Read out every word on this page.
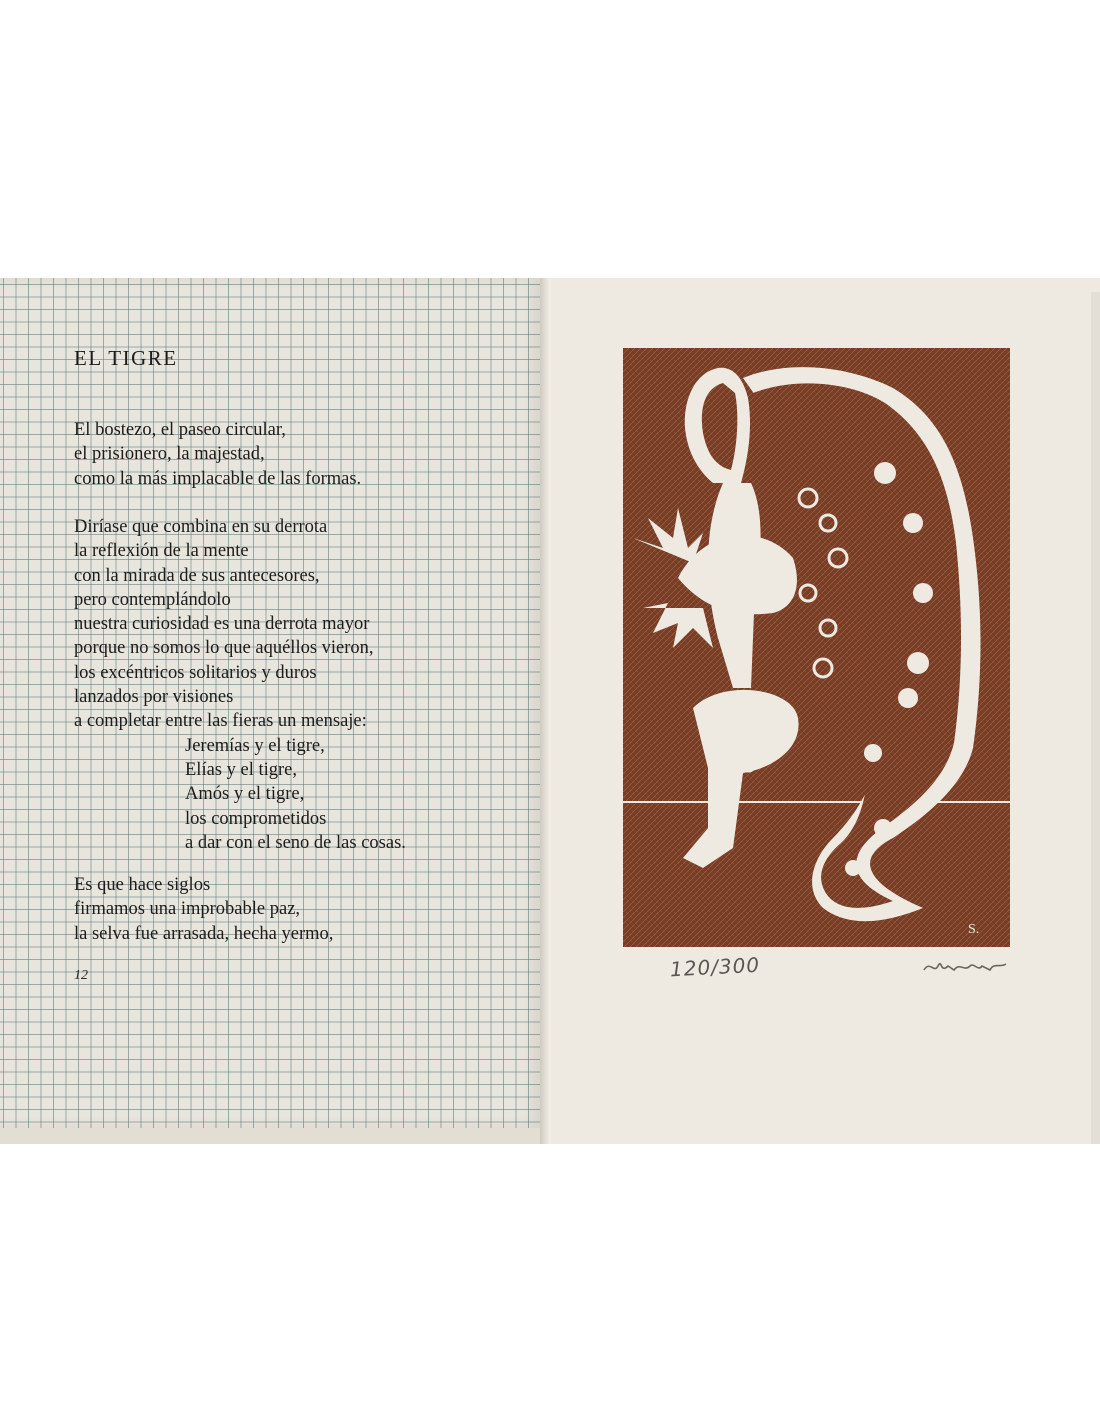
EL TIGRE
El bostezo, el paseo circular,
el prisionero, la majestad,
como la más implacable de las formas.
Diríase que combina en su derrota
la reflexión de la mente
con la mirada de sus antecesores,
pero contemplándolo
nuestra curiosidad es una derrota mayor
porque no somos lo que aquéllos vieron,
los excéntricos solitarios y duros
lanzados por visiones
a completar entre las fieras un mensaje:
Jeremías y el tigre,
Elías y el tigre,
Amós y el tigre,
los comprometidos
a dar con el seno de las cosas.
Es que hace siglos
firmamos una improbable paz,
la selva fue arrasada, hecha yermo,
12
S.
120/300
